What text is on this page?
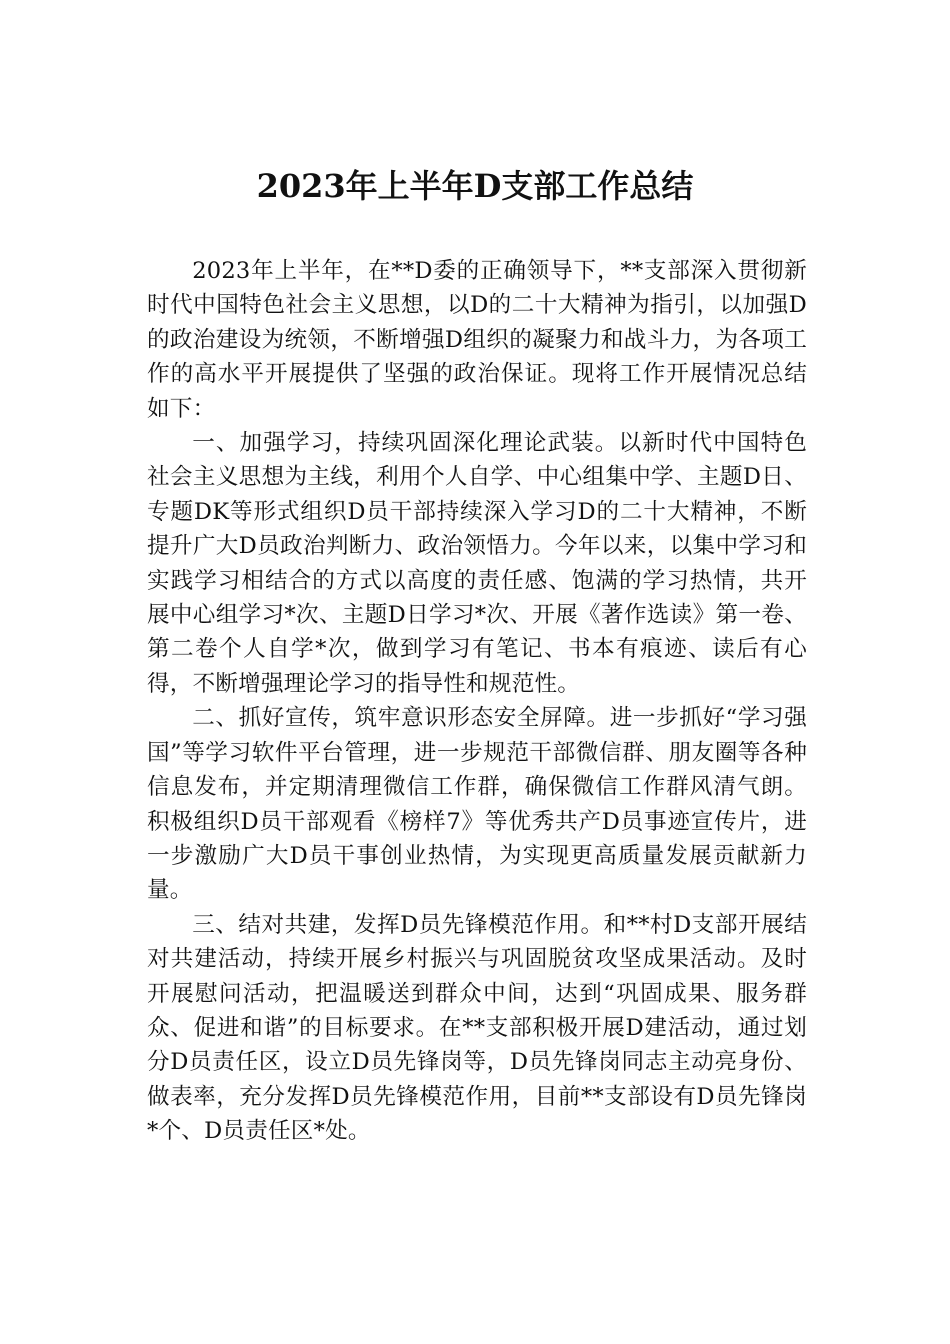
2023年上半年D支部工作总结

2023年上半年，在**D委的正确领导下，**支部深入贯彻新时代中国特色社会主义思想，以D的二十大精神为指引，以加强D的政治建设为统领，不断增强D组织的凝聚力和战斗力，为各项工作的高水平开展提供了坚强的政治保证。现将工作开展情况总结如下：

一、加强学习，持续巩固深化理论武装。以新时代中国特色社会主义思想为主线，利用个人自学、中心组集中学、主题D日、专题DK等形式组织D员干部持续深入学习D的二十大精神，不断提升广大D员政治判断力、政治领悟力。今年以来，以集中学习和实践学习相结合的方式以高度的责任感、饱满的学习热情，共开展中心组学习*次、主题D日学习*次、开展《著作选读》第一卷、第二卷个人自学*次，做到学习有笔记、书本有痕迹、读后有心得，不断增强理论学习的指导性和规范性。

二、抓好宣传，筑牢意识形态安全屏障。进一步抓好“学习强国”等学习软件平台管理，进一步规范干部微信群、朋友圈等各种信息发布，并定期清理微信工作群，确保微信工作群风清气朗。积极组织D员干部观看《榜样7》等优秀共产D员事迹宣传片，进一步激励广大D员干事创业热情，为实现更高质量发展贡献新力量。

三、结对共建，发挥D员先锋模范作用。和**村D支部开展结对共建活动，持续开展乡村振兴与巩固脱贫攻坚成果活动。及时开展慰问活动，把温暖送到群众中间，达到“巩固成果、服务群众、促进和谐”的目标要求。在**支部积极开展D建活动，通过划分D员责任区，设立D员先锋岗等，D员先锋岗同志主动亮身份、做表率，充分发挥D员先锋模范作用，目前**支部设有D员先锋岗*个、D员责任区*处。
